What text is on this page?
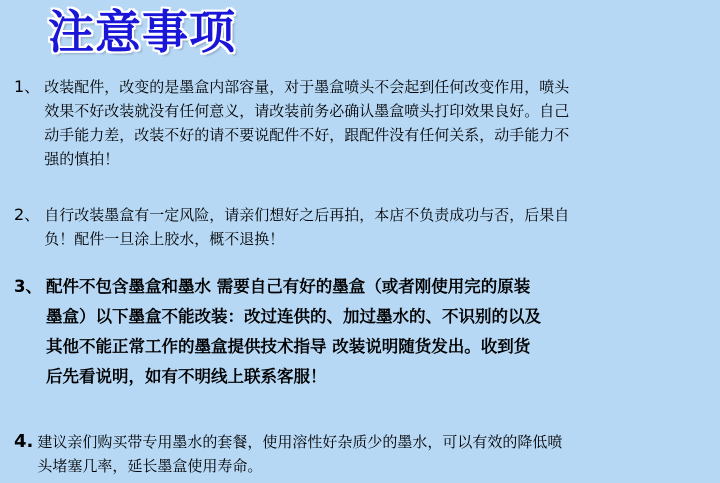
注意事项
1、 改装配件，改变的是墨盒内部容量，对于墨盒喷头不会起到任何改变作用，喷头
效果不好改装就没有任何意义，请改装前务必确认墨盒喷头打印效果良好。自己
动手能力差，改装不好的请不要说配件不好，跟配件没有任何关系，动手能力不
强的慎拍！
2、 自行改装墨盒有一定风险，请亲们想好之后再拍，本店不负责成功与否，后果自
负！配件一旦涂上胶水，概不退换！
3、 配件不包含墨盒和墨水 需要自己有好的墨盒（或者刚使用完的原装
墨盒）以下墨盒不能改装：改过连供的、加过墨水的、不识别的以及
其他不能正常工作的墨盒提供技术指导 改装说明随货发出。收到货
后先看说明，如有不明线上联系客服！
4. 建议亲们购买带专用墨水的套餐，使用溶性好杂质少的墨水，可以有效的降低喷
头堵塞几率，延长墨盒使用寿命。
